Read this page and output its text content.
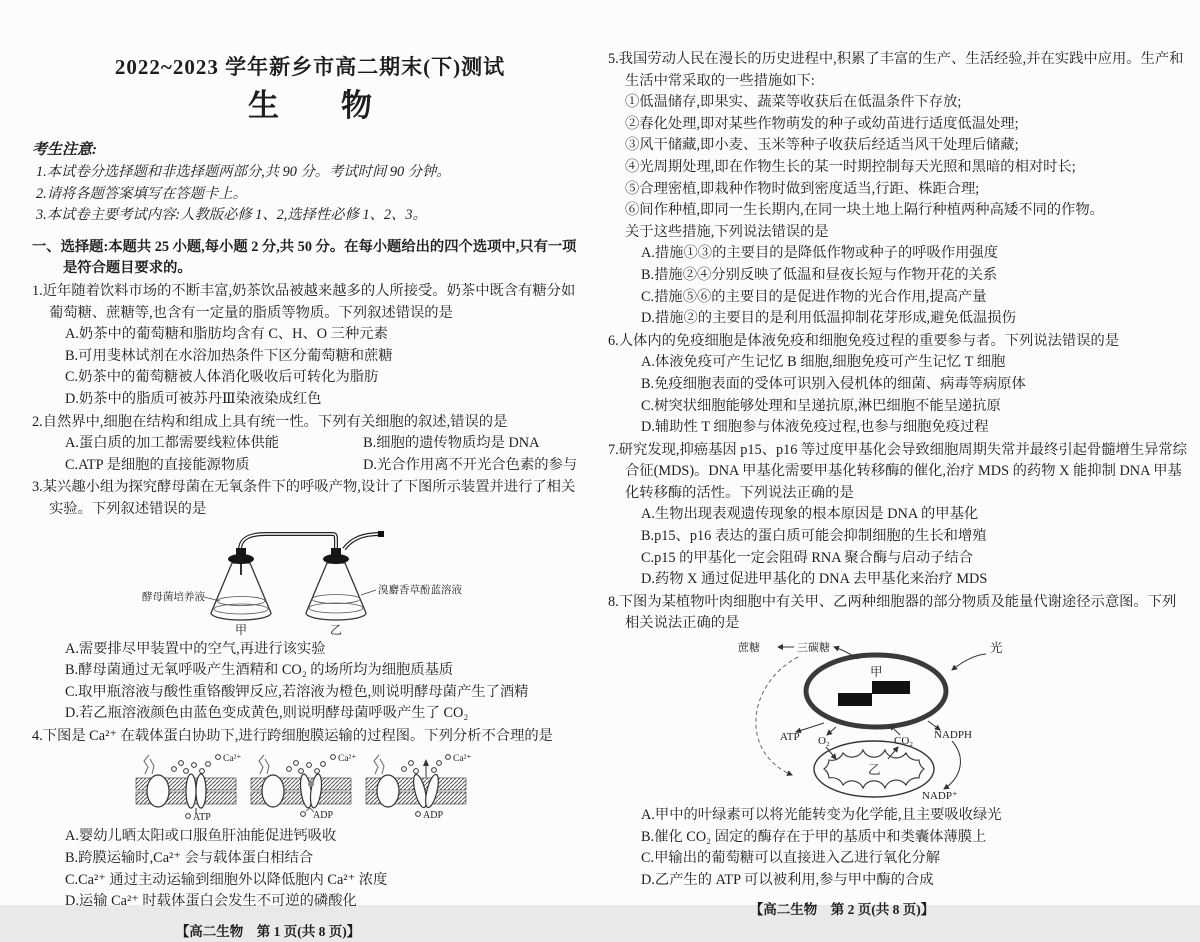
2022~2023 学年新乡市高二期末(下)测试
生物
考生注意:
1.本试卷分选择题和非选择题两部分,共 90 分。考试时间 90 分钟。
2.请将各题答案填写在答题卡上。
3.本试卷主要考试内容:人教版必修 1、2,选择性必修 1、2、3。
一、选择题:本题共 25 小题,每小题 2 分,共 50 分。在每小题给出的四个选项中,只有一项是符合题目要求的。
1.近年随着饮料市场的不断丰富,奶茶饮品被越来越多的人所接受。奶茶中既含有糖分如葡萄糖、蔗糖等,也含有一定量的脂质等物质。下列叙述错误的是
A.奶茶中的葡萄糖和脂肪均含有 C、H、O 三种元素
B.可用斐林试剂在水浴加热条件下区分葡萄糖和蔗糖
C.奶茶中的葡萄糖被人体消化吸收后可转化为脂肪
D.奶茶中的脂质可被苏丹Ⅲ染液染成红色
2.自然界中,细胞在结构和组成上具有统一性。下列有关细胞的叙述,错误的是
A.蛋白质的加工都需要线粒体供能	B.细胞的遗传物质均是 DNA
C.ATP 是细胞的直接能源物质	D.光合作用离不开光合色素的参与
3.某兴趣小组为探究酵母菌在无氧条件下的呼吸产物,设计了下图所示装置并进行了相关实验。下列叙述错误的是
酵母菌培养液
溴麝香草酚蓝溶液
甲	乙
A.需要排尽甲装置中的空气,再进行该实验
B.酵母菌通过无氧呼吸产生酒精和 CO₂ 的场所均为细胞质基质
C.取甲瓶溶液与酸性重铬酸钾反应,若溶液为橙色,则说明酵母菌产生了酒精
D.若乙瓶溶液颜色由蓝色变成黄色,则说明酵母菌呼吸产生了 CO₂
4.下图是 Ca²⁺ 在载体蛋白协助下,进行跨细胞膜运输的过程图。下列分析不合理的是
Ca²⁺
ATP
Ca²⁺
ADP
Ca²⁺
ADP
A.婴幼儿晒太阳或口服鱼肝油能促进钙吸收
B.跨膜运输时,Ca²⁺ 会与载体蛋白相结合
C.Ca²⁺ 通过主动运输到细胞外以降低胞内 Ca²⁺ 浓度
D.运输 Ca²⁺ 时载体蛋白会发生不可逆的磷酸化
【高二生物　第 1 页(共 8 页)】
5.我国劳动人民在漫长的历史进程中,积累了丰富的生产、生活经验,并在实践中应用。生产和生活中常采取的一些措施如下:
①低温储存,即果实、蔬菜等收获后在低温条件下存放;
②春化处理,即对某些作物萌发的种子或幼苗进行适度低温处理;
③风干储藏,即小麦、玉米等种子收获后经适当风干处理后储藏;
④光周期处理,即在作物生长的某一时期控制每天光照和黑暗的相对时长;
⑤合理密植,即栽种作物时做到密度适当,行距、株距合理;
⑥间作种植,即同一生长期内,在同一块土地上隔行种植两种高矮不同的作物。
关于这些措施,下列说法错误的是
A.措施①③的主要目的是降低作物或种子的呼吸作用强度
B.措施②④分别反映了低温和昼夜长短与作物开花的关系
C.措施⑤⑥的主要目的是促进作物的光合作用,提高产量
D.措施②的主要目的是利用低温抑制花芽形成,避免低温损伤
6.人体内的免疫细胞是体液免疫和细胞免疫过程的重要参与者。下列说法错误的是
A.体液免疫可产生记忆 B 细胞,细胞免疫可产生记忆 T 细胞
B.免疫细胞表面的受体可识别入侵机体的细菌、病毒等病原体
C.树突状细胞能够处理和呈递抗原,淋巴细胞不能呈递抗原
D.辅助性 T 细胞参与体液免疫过程,也参与细胞免疫过程
7.研究发现,抑癌基因 p15、p16 等过度甲基化会导致细胞周期失常并最终引起骨髓增生异常综合征(MDS)。DNA 甲基化需要甲基化转移酶的催化,治疗 MDS 的药物 X 能抑制 DNA 甲基化转移酶的活性。下列说法正确的是
A.生物出现表观遗传现象的根本原因是 DNA 的甲基化
B.p15、p16 表达的蛋白质可能会抑制细胞的生长和增殖
C.p15 的甲基化一定会阻碍 RNA 聚合酶与启动子结合
D.药物 X 通过促进甲基化的 DNA 去甲基化来治疗 MDS
8.下图为某植物叶肉细胞中有关甲、乙两种细胞器的部分物质及能量代谢途径示意图。下列相关说法正确的是
甲
光
蔗糖	三碳糖
ATP O₂	CO₂ NADPH
NADP⁺
乙
A.甲中的叶绿素可以将光能转变为化学能,且主要吸收绿光
B.催化 CO₂ 固定的酶存在于甲的基质中和类囊体薄膜上
C.甲输出的葡萄糖可以直接进入乙进行氧化分解
D.乙产生的 ATP 可以被利用,参与甲中酶的合成
【高二生物　第 2 页(共 8 页)】
